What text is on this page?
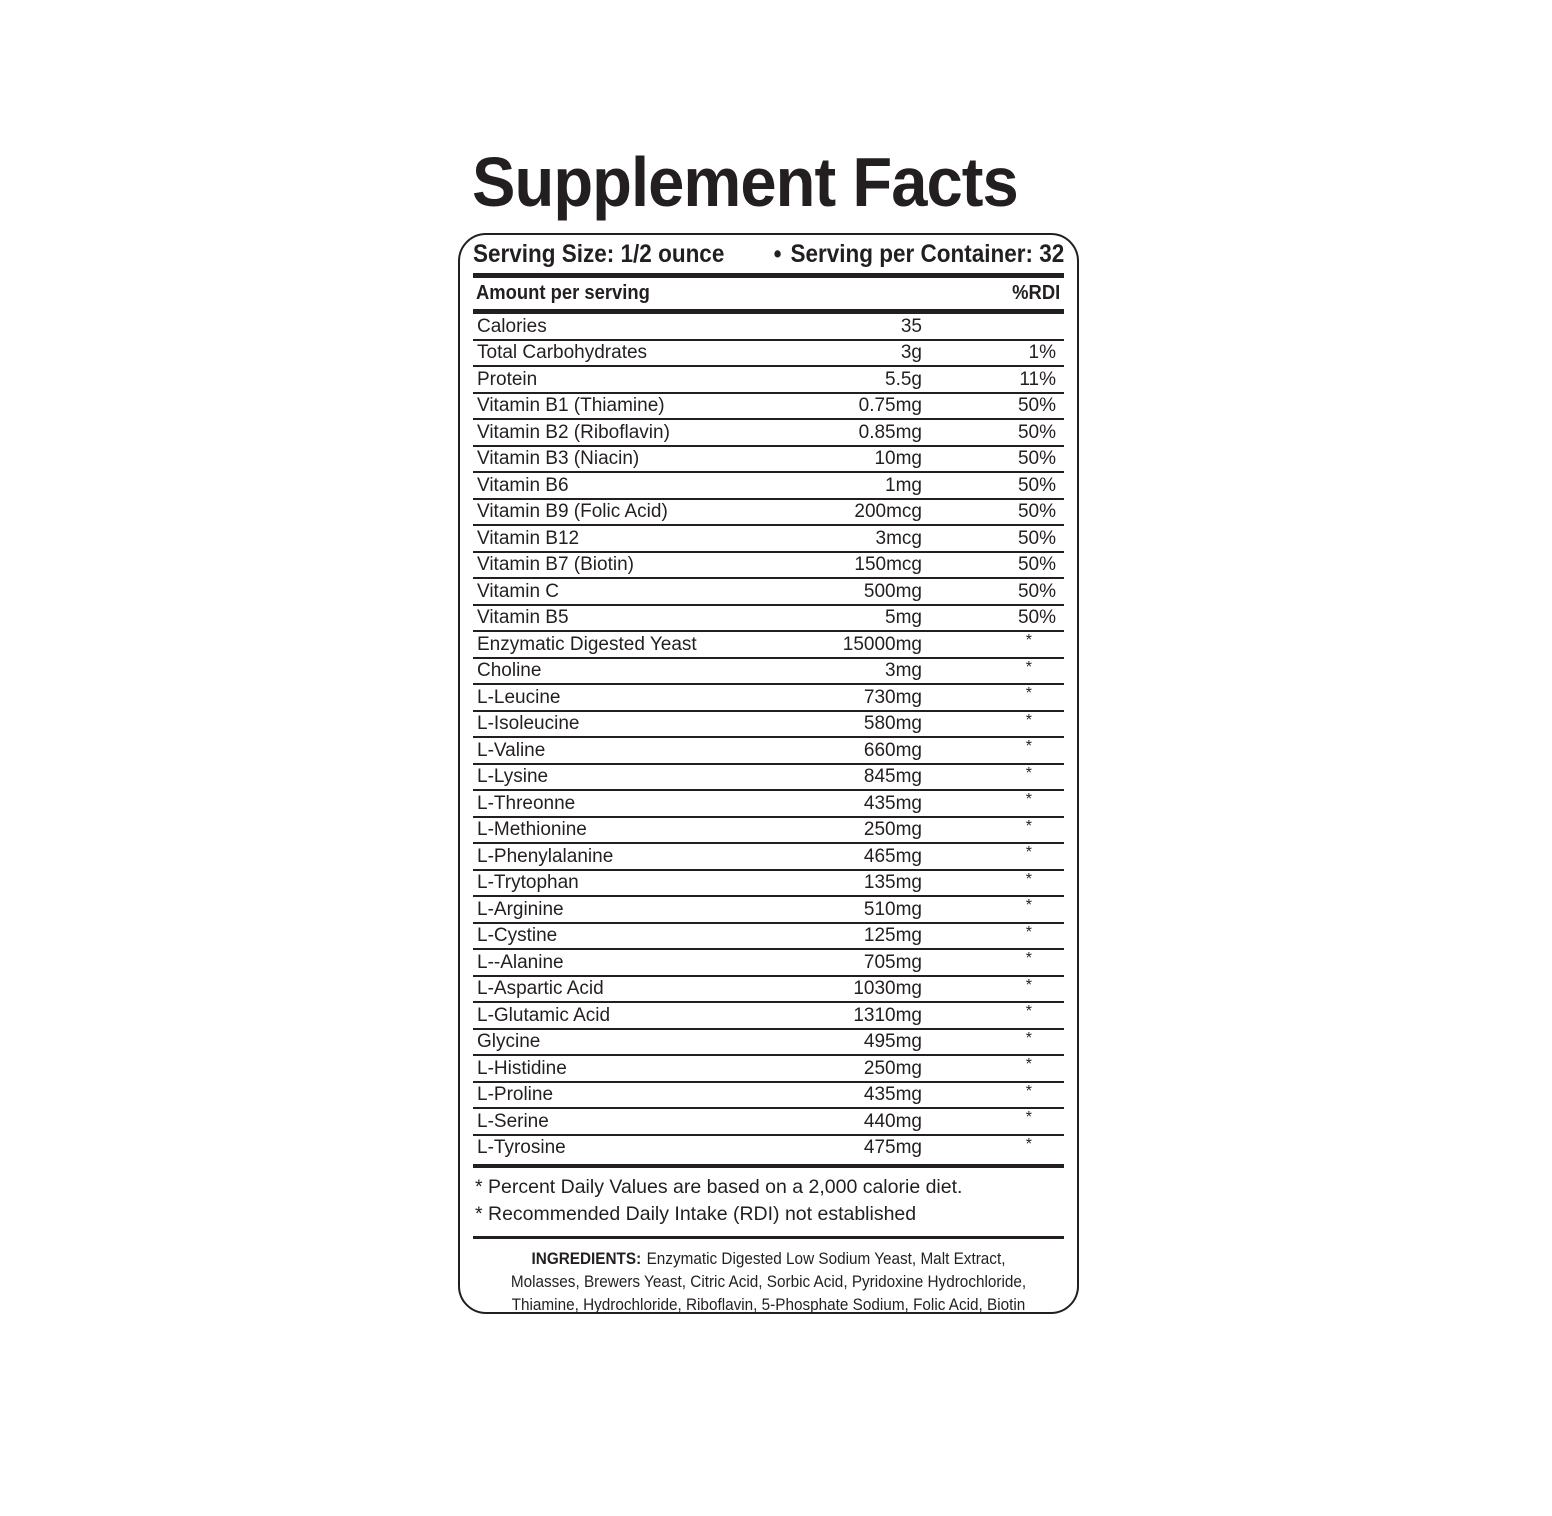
Supplement Facts
Serving Size: 1/2 ounce • Serving per Container: 32
Amount per serving	%RDI
Calories	35
Total Carbohydrates	3g	1%
Protein	5.5g	11%
Vitamin B1 (Thiamine)	0.75mg	50%
Vitamin B2 (Riboflavin)	0.85mg	50%
Vitamin B3 (Niacin)	10mg	50%
Vitamin B6	1mg	50%
Vitamin B9 (Folic Acid)	200mcg	50%
Vitamin B12	3mcg	50%
Vitamin B7 (Biotin)	150mcg	50%
Vitamin C	500mg	50%
Vitamin B5	5mg	50%
Enzymatic Digested Yeast	15000mg	*
Choline	3mg	*
L-Leucine	730mg	*
L-Isoleucine	580mg	*
L-Valine	660mg	*
L-Lysine	845mg	*
L-Threonne	435mg	*
L-Methionine	250mg	*
L-Phenylalanine	465mg	*
L-Trytophan	135mg	*
L-Arginine	510mg	*
L-Cystine	125mg	*
L--Alanine	705mg	*
L-Aspartic Acid	1030mg	*
L-Glutamic Acid	1310mg	*
Glycine	495mg	*
L-Histidine	250mg	*
L-Proline	435mg	*
L-Serine	440mg	*
L-Tyrosine	475mg	*
* Percent Daily Values are based on a 2,000 calorie diet.
* Recommended Daily Intake (RDI) not established
INGREDIENTS: Enzymatic Digested Low Sodium Yeast, Malt Extract,
Molasses, Brewers Yeast, Citric Acid, Sorbic Acid, Pyridoxine Hydrochloride,
Thiamine, Hydrochloride, Riboflavin, 5-Phosphate Sodium, Folic Acid, Biotin
